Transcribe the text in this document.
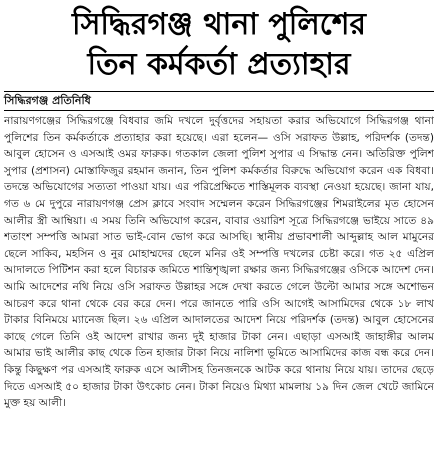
সিদ্ধিরগঞ্জ থানা পুলিশের
তিন কর্মকর্তা প্রত্যাহার
সিদ্ধিরগঞ্জ প্রতিনিধি

নারায়ণগঞ্জের সিদ্ধিরগঞ্জে বিধবার জমি দখলে দুর্বৃত্তদের সহায়তা করার অভিযোগে সিদ্ধিরগঞ্জ থানা পুলিশের তিন কর্মকর্তাকে প্রত্যাহার করা হয়েছে। এরা হলেন— ওসি সরাফত উল্লাহ, পরিদর্শক (তদন্ত) আবুল হোসেন ও এসআই ওমর ফারুক। গতকাল জেলা পুলিশ সুপার এ সিদ্ধান্ত নেন। অতিরিক্ত পুলিশ সুপার (প্রশাসন) মোস্তাফিজুর রহমান জনান, তিন পুলিশ কর্মকর্তার বিরুদ্ধে অভিযোগ করেন এক বিধবা। তদন্তে অভিযোগের সত্যতা পাওয়া যায়। এর পরিপ্রেক্ষিতে শাস্তিমূলক ব্যবস্থা নেওয়া হয়েছে। জানা যায়, গত ৬ মে দুপুরে নারায়ণগঞ্জ প্রেস ক্লাবে সংবাদ সম্মেলন করেন সিদ্ধিরগঞ্জের শিমরাইলের মৃত হোসেন আলীর স্ত্রী আম্বিয়া। এ সময় তিনি অভিযোগ করেন, বাবার ওয়ারিশ সূত্রে সিদ্ধিরগঞ্জে ভাইয়ে সাতে ৪৯ শতাংশ সম্পত্তি আমরা সাত ভাই-বোন ভোগ করে আসছি। স্থানীয় প্রভাবশালী আব্দুল্লাহ আল মামুনের ছেলে সাকিব, মহসিন ও নুর মোহাম্মদের ছেলে মনির ওই সম্পত্তি দখলের চেষ্টা করে। গত ২৫ এপ্রিল আদালতে পিটিশন করা হলে বিচারক জমিতে শান্তিশৃঙ্খলা রক্ষার জন্য সিদ্ধিরগঞ্জের ওসিকে আদেশ দেন। আমি আদেশের নথি নিয়ে ওসি সরাফত উল্লাহর সঙ্গে দেখা করতে গেলে উল্টো আমার সঙ্গে অশোভন আচরণ করে থানা থেকে বের করে দেন। পরে জানতে পারি ওসি আগেই আসামিদের থেকে ১৮ লাখ টাকার বিনিময়ে ম্যানেজ ছিল। ২৬ এপ্রিল আদালতের আদেশ নিয়ে পরিদর্শক (তদন্ত) আবুল হোসেনের কাছে গেলে তিনি ওই আদেশ রাখার জন্য দুই হাজার টাকা নেন। এছাড়া এসআই জাহাঙ্গীর আলম আমার ভাই আলীর কাছ থেকে তিন হাজার টাকা নিয়ে নালিশা ভূমিতে আসামিদের কাজ বন্ধ করে দেন। কিন্তু কিছুক্ষণ পর এসআই ফারুক এসে আলীসহ তিনজনকে আটক করে থানায় নিয়ে যায়। তাদের ছেড়ে দিতে এসআই ৫০ হাজার টাকা উৎকোচ নেন। টাকা নিয়েও মিথ্যা মামলায় ১৯ দিন জেল খেটে জামিনে মুক্ত হয় আলী।
